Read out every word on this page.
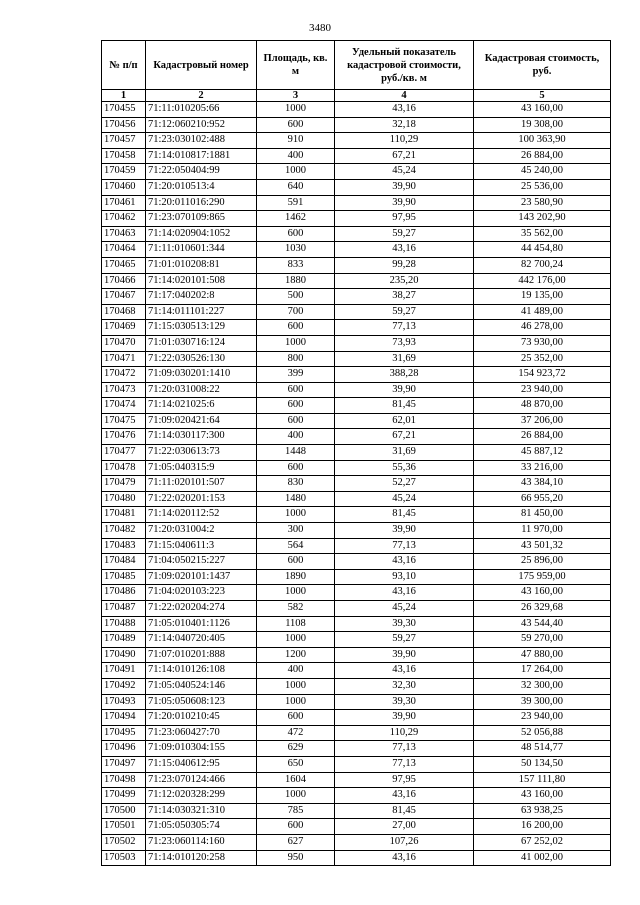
3480
№ п/п	Кадастровый номер	Площадь, кв. м	Удельный показатель кадастровой стоимости, руб./кв. м	Кадастровая стоимость, руб.
1	2	3	4	5
170455	71:11:010205:66	1000	43,16	43 160,00
170456	71:12:060210:952	600	32,18	19 308,00
170457	71:23:030102:488	910	110,29	100 363,90
170458	71:14:010817:1881	400	67,21	26 884,00
170459	71:22:050404:99	1000	45,24	45 240,00
170460	71:20:010513:4	640	39,90	25 536,00
170461	71:20:011016:290	591	39,90	23 580,90
170462	71:23:070109:865	1462	97,95	143 202,90
170463	71:14:020904:1052	600	59,27	35 562,00
170464	71:11:010601:344	1030	43,16	44 454,80
170465	71:01:010208:81	833	99,28	82 700,24
170466	71:14:020101:508	1880	235,20	442 176,00
170467	71:17:040202:8	500	38,27	19 135,00
170468	71:14:011101:227	700	59,27	41 489,00
170469	71:15:030513:129	600	77,13	46 278,00
170470	71:01:030716:124	1000	73,93	73 930,00
170471	71:22:030526:130	800	31,69	25 352,00
170472	71:09:030201:1410	399	388,28	154 923,72
170473	71:20:031008:22	600	39,90	23 940,00
170474	71:14:021025:6	600	81,45	48 870,00
170475	71:09:020421:64	600	62,01	37 206,00
170476	71:14:030117:300	400	67,21	26 884,00
170477	71:22:030613:73	1448	31,69	45 887,12
170478	71:05:040315:9	600	55,36	33 216,00
170479	71:11:020101:507	830	52,27	43 384,10
170480	71:22:020201:153	1480	45,24	66 955,20
170481	71:14:020112:52	1000	81,45	81 450,00
170482	71:20:031004:2	300	39,90	11 970,00
170483	71:15:040611:3	564	77,13	43 501,32
170484	71:04:050215:227	600	43,16	25 896,00
170485	71:09:020101:1437	1890	93,10	175 959,00
170486	71:04:020103:223	1000	43,16	43 160,00
170487	71:22:020204:274	582	45,24	26 329,68
170488	71:05:010401:1126	1108	39,30	43 544,40
170489	71:14:040720:405	1000	59,27	59 270,00
170490	71:07:010201:888	1200	39,90	47 880,00
170491	71:14:010126:108	400	43,16	17 264,00
170492	71:05:040524:146	1000	32,30	32 300,00
170493	71:05:050608:123	1000	39,30	39 300,00
170494	71:20:010210:45	600	39,90	23 940,00
170495	71:23:060427:70	472	110,29	52 056,88
170496	71:09:010304:155	629	77,13	48 514,77
170497	71:15:040612:95	650	77,13	50 134,50
170498	71:23:070124:466	1604	97,95	157 111,80
170499	71:12:020328:299	1000	43,16	43 160,00
170500	71:14:030321:310	785	81,45	63 938,25
170501	71:05:050305:74	600	27,00	16 200,00
170502	71:23:060114:160	627	107,26	67 252,02
170503	71:14:010120:258	950	43,16	41 002,00
